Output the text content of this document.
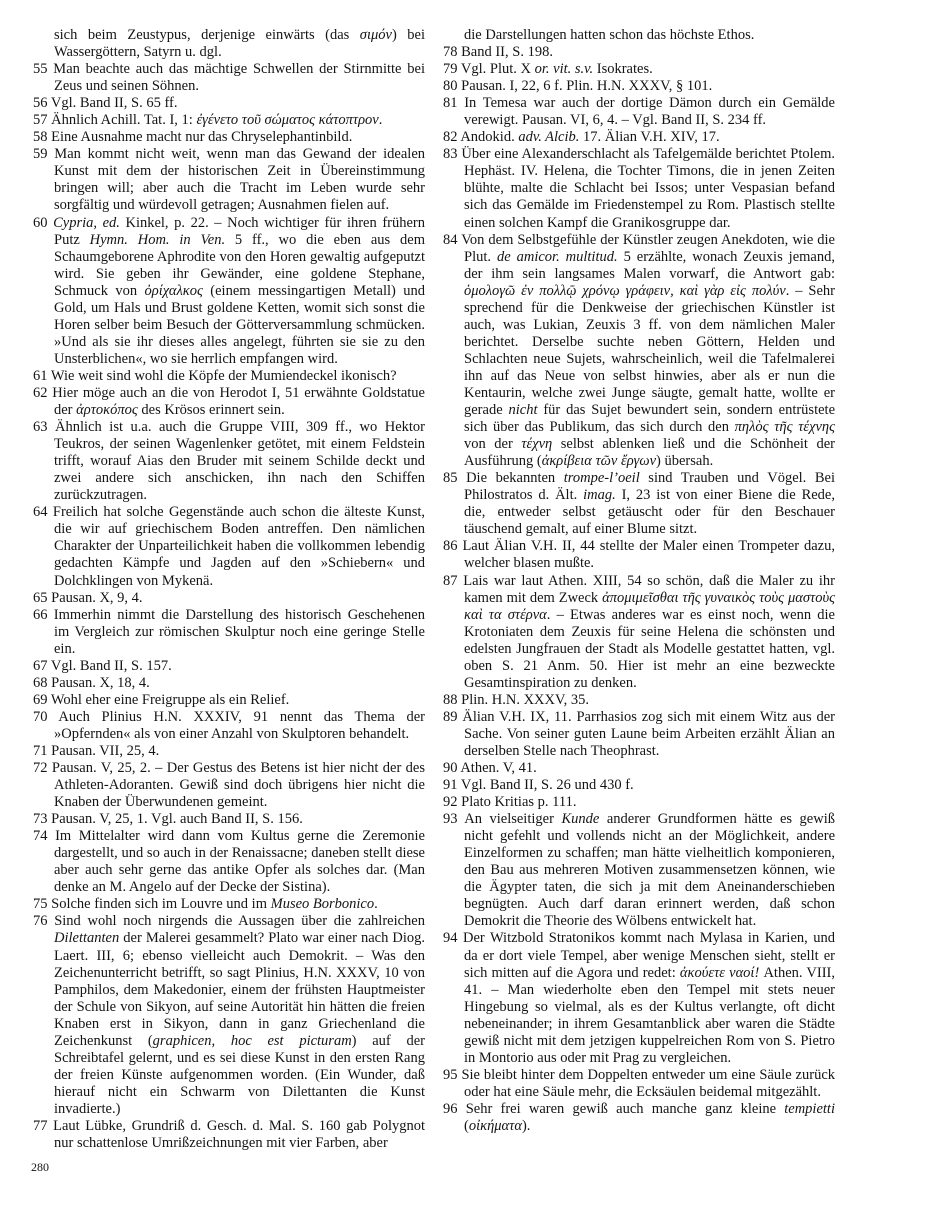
sich beim Zeustypus, derjenige einwärts (das σιμόν) bei Wassergöttern, Satyrn u. dgl.
55 Man beachte auch das mächtige Schwellen der Stirnmitte bei Zeus und seinen Söhnen.
56 Vgl. Band II, S. 65 ff.
57 Ähnlich Achill. Tat. I, 1: ἐγένετο τοῦ σώματος κάτοπτρον.
58 Eine Ausnahme macht nur das Chryselephantinbild.
59 Man kommt nicht weit, wenn man das Gewand der idealen Kunst mit dem der historischen Zeit in Übereinstimmung bringen will; aber auch die Tracht im Leben wurde sehr sorgfältig und würdevoll getragen; Ausnahmen fielen auf.
60 Cypria, ed. Kinkel, p. 22. – Noch wichtiger für ihren frühern Putz Hymn. Hom. in Ven. 5 ff., wo die eben aus dem Schaumgeborene Aphrodite von den Horen gewaltig aufgeputzt wird. Sie geben ihr Gewänder, eine goldene Stephane, Schmuck von ὀρίχαλκος (einem messingartigen Metall) und Gold, um Hals und Brust goldene Ketten, womit sich sonst die Horen selber beim Besuch der Götterversammlung schmücken. »Und als sie ihr dieses alles angelegt, führten sie sie zu den Unsterblichen«, wo sie herrlich empfangen wird.
61 Wie weit sind wohl die Köpfe der Mumiendeckel ikonisch?
62 Hier möge auch an die von Herodot I, 51 erwähnte Goldstatue der ἀρτοκόπος des Krösos erinnert sein.
63 Ähnlich ist u.a. auch die Gruppe VIII, 309 ff., wo Hektor Teukros, der seinen Wagenlenker getötet, mit einem Feldstein trifft, worauf Aias den Bruder mit seinem Schilde deckt und zwei andere sich anschicken, ihn nach den Schiffen zurückzutragen.
64 Freilich hat solche Gegenstände auch schon die älteste Kunst, die wir auf griechischem Boden antreffen. Den nämlichen Charakter der Unparteilichkeit haben die vollkommen lebendig gedachten Kämpfe und Jagden auf den »Schiebern« und Dolchklingen von Mykenä.
65 Pausan. X, 9, 4.
66 Immerhin nimmt die Darstellung des historisch Geschehenen im Vergleich zur römischen Skulptur noch eine geringe Stelle ein.
67 Vgl. Band II, S. 157.
68 Pausan. X, 18, 4.
69 Wohl eher eine Freigruppe als ein Relief.
70 Auch Plinius H.N. XXXIV, 91 nennt das Thema der »Opfernden« als von einer Anzahl von Skulptoren behandelt.
71 Pausan. VII, 25, 4.
72 Pausan. V, 25, 2. – Der Gestus des Betens ist hier nicht der des Athleten-Adoranten. Gewiß sind doch übrigens hier nicht die Knaben der Überwundenen gemeint.
73 Pausan. V, 25, 1. Vgl. auch Band II, S. 156.
74 Im Mittelalter wird dann vom Kultus gerne die Zeremonie dargestellt, und so auch in der Renaissacne; daneben stellt diese aber auch sehr gerne das antike Opfer als solches dar. (Man denke an M. Angelo auf der Decke der Sistina).
75 Solche finden sich im Louvre und im Museo Borbonico.
76 Sind wohl noch nirgends die Aussagen über die zahlreichen Dilettanten der Malerei gesammelt? Plato war einer nach Diog. Laert. III, 6; ebenso vielleicht auch Demokrit. – Was den Zeichenunterricht betrifft, so sagt Plinius, H.N. XXXV, 10 von Pamphilos, dem Makedonier, einem der frühsten Hauptmeister der Schule von Sikyon, auf seine Autorität hin hätten die freien Knaben erst in Sikyon, dann in ganz Griechenland die Zeichenkunst (graphicen, hoc est picturam) auf der Schreibtafel gelernt, und es sei diese Kunst in den ersten Rang der freien Künste aufgenommen worden. (Ein Wunder, daß hierauf nicht ein Schwarm von Dilettanten die Kunst invadierte.)
77 Laut Lübke, Grundriß d. Gesch. d. Mal. S. 160 gab Polygnot nur schattenlose Umrißzeichnungen mit vier Farben, aber
die Darstellungen hatten schon das höchste Ethos.
78 Band II, S. 198.
79 Vgl. Plut. X or. vit. s.v. Isokrates.
80 Pausan. I, 22, 6 f. Plin. H.N. XXXV, § 101.
81 In Temesa war auch der dortige Dämon durch ein Gemälde verewigt. Pausan. VI, 6, 4. – Vgl. Band II, S. 234 ff.
82 Andokid. adv. Alcib. 17. Älian V.H. XIV, 17.
83 Über eine Alexanderschlacht als Tafelgemälde berichtet Ptolem. Hephäst. IV. Helena, die Tochter Timons, die in jenen Zeiten blühte, malte die Schlacht bei Issos; unter Vespasian befand sich das Gemälde im Friedenstempel zu Rom. Plastisch stellte einen solchen Kampf die Granikosgruppe dar.
84 Von dem Selbstgefühle der Künstler zeugen Anekdoten, wie die Plut. de amicor. multitud. 5 erzählte, wonach Zeuxis jemand, der ihm sein langsames Malen vorwarf, die Antwort gab: ὁμολογῶ ἐν πολλῷ χρόνῳ γράφειν, καὶ γὰρ εἰς πολύν. – Sehr sprechend für die Denkweise der griechischen Künstler ist auch, was Lukian, Zeuxis 3 ff. von dem nämlichen Maler berichtet. Derselbe suchte neben Göttern, Helden und Schlachten neue Sujets, wahrscheinlich, weil die Tafelmalerei ihn auf das Neue von selbst hinwies, aber als er nun die Kentaurin, welche zwei Junge säugte, gemalt hatte, wollte er gerade nicht für das Sujet bewundert sein, sondern entrüstete sich über das Publikum, das sich durch den πηλὸς τῆς τέχνης von der τέχνη selbst ablenken ließ und die Schönheit der Ausführung (ἀκρίβεια τῶν ἔργων) übersah.
85 Die bekannten trompe-l’oeil sind Trauben und Vögel. Bei Philostratos d. Ält. imag. I, 23 ist von einer Biene die Rede, die, entweder selbst getäuscht oder für den Beschauer täuschend gemalt, auf einer Blume sitzt.
86 Laut Älian V.H. II, 44 stellte der Maler einen Trompeter dazu, welcher blasen mußte.
87 Lais war laut Athen. XIII, 54 so schön, daß die Maler zu ihr kamen mit dem Zweck ἀπομιμεῖσθαι τῆς γυναικὸς τοὺς μαστοὺς καὶ τα στέρνα. – Etwas anderes war es einst noch, wenn die Krotoniaten dem Zeuxis für seine Helena die schönsten und edelsten Jungfrauen der Stadt als Modelle gestattet hatten, vgl. oben S. 21 Anm. 50. Hier ist mehr an eine bezweckte Gesamtinspiration zu denken.
88 Plin. H.N. XXXV, 35.
89 Älian V.H. IX, 11. Parrhasios zog sich mit einem Witz aus der Sache. Von seiner guten Laune beim Arbeiten erzählt Älian an derselben Stelle nach Theophrast.
90 Athen. V, 41.
91 Vgl. Band II, S. 26 und 430 f.
92 Plato Kritias p. 111.
93 An vielseitiger Kunde anderer Grundformen hätte es gewiß nicht gefehlt und vollends nicht an der Möglichkeit, andere Einzelformen zu schaffen; man hätte vielheitlich komponieren, den Bau aus mehreren Motiven zusammensetzen können, wie die Ägypter taten, die sich ja mit dem Aneinanderschieben begnügten. Auch darf daran erinnert werden, daß schon Demokrit die Theorie des Wölbens entwickelt hat.
94 Der Witzbold Stratonikos kommt nach Mylasa in Karien, und da er dort viele Tempel, aber wenige Menschen sieht, stellt er sich mitten auf die Agora und redet: ἀκούετε ναοί! Athen. VIII, 41. – Man wiederholte eben den Tempel mit stets neuer Hingebung so vielmal, als es der Kultus verlangte, oft dicht nebeneinander; in ihrem Gesamtanblick aber waren die Städte gewiß nicht mit dem jetzigen kuppelreichen Rom von S. Pietro in Montorio aus oder mit Prag zu vergleichen.
95 Sie bleibt hinter dem Doppelten entweder um eine Säule zurück oder hat eine Säule mehr, die Ecksäulen beidemal mitgezählt.
96 Sehr frei waren gewiß auch manche ganz kleine tempietti (οἰκήματα).
280
